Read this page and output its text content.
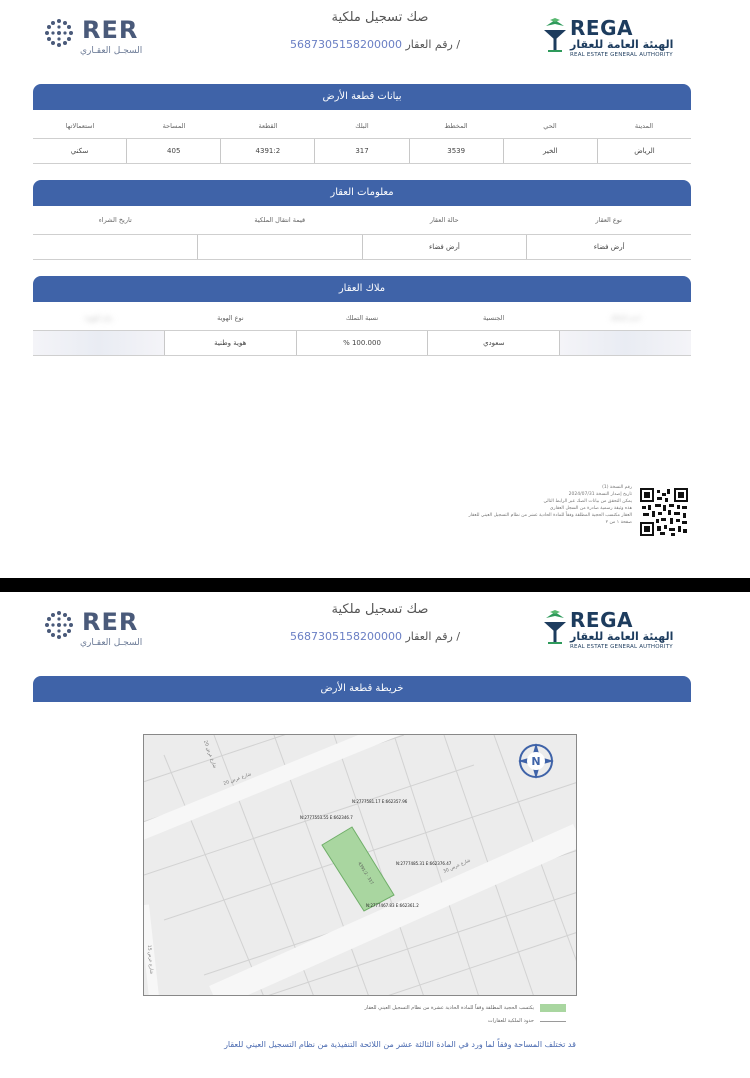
RER
السجـل العقـاري
صك تسجيل ملكية
5687305158200000 رقم العقار /
REGA
الهيئة العامة للعقار
REAL ESTATE GENERAL AUTHORITY
بيانات قطعة الأرض
المدينة
الحي
المخطط
البلك
القطعة
المساحة
استعمالاتها
الرياض
الخير
3539
317
4391:2
405
سكني
معلومات العقار
نوع العقار
حالة العقار
قيمة انتقال الملكية
تاريخ الشراء
أرض فضاء
أرض فضاء
ملاك العقار
اسم المالك
الجنسية
نسبة التملك
نوع الهوية
رقم الهوية
سعودي
100.000 %
هوية وطنية
رقم النسخة (1)
تاريخ إصدار النسخة 2024/07/31
يمكن التحقق من بيانات الصك عبر الرابط التالي
هذه وثيقة رسمية صادرة من السجل العقاري
العقار مكتسب الحجية المطلقة وفقاً للمادة الحادية عشر من نظام التسجيل العيني للعقار
صفحة ١ من ٢
RER
السجـل العقـاري
صك تسجيل ملكية
5687305158200000 رقم العقار /
REGA
الهيئة العامة للعقار
REAL ESTATE GENERAL AUTHORITY
خريطة قطعة الأرض
4391:2 · 317
N:2777581.17 E:662357.96
N:2777553.55 E:662346.7
N:2777485.31 E:662376.47
N:2777467.83 E:662361.2
شارع عرض 20
شارع عرض 20
شارع عرض 30
شارع عرض 15
N
يكتسب الحجية المطلقة وفقاً للمادة الحادية عشرة من نظام التسجيل العيني للعقار
حدود الملكية للعقارات
قد تختلف المساحة وفقاً لما ورد في المادة الثالثة عشر من اللائحة التنفيذية من نظام التسجيل العيني للعقار
